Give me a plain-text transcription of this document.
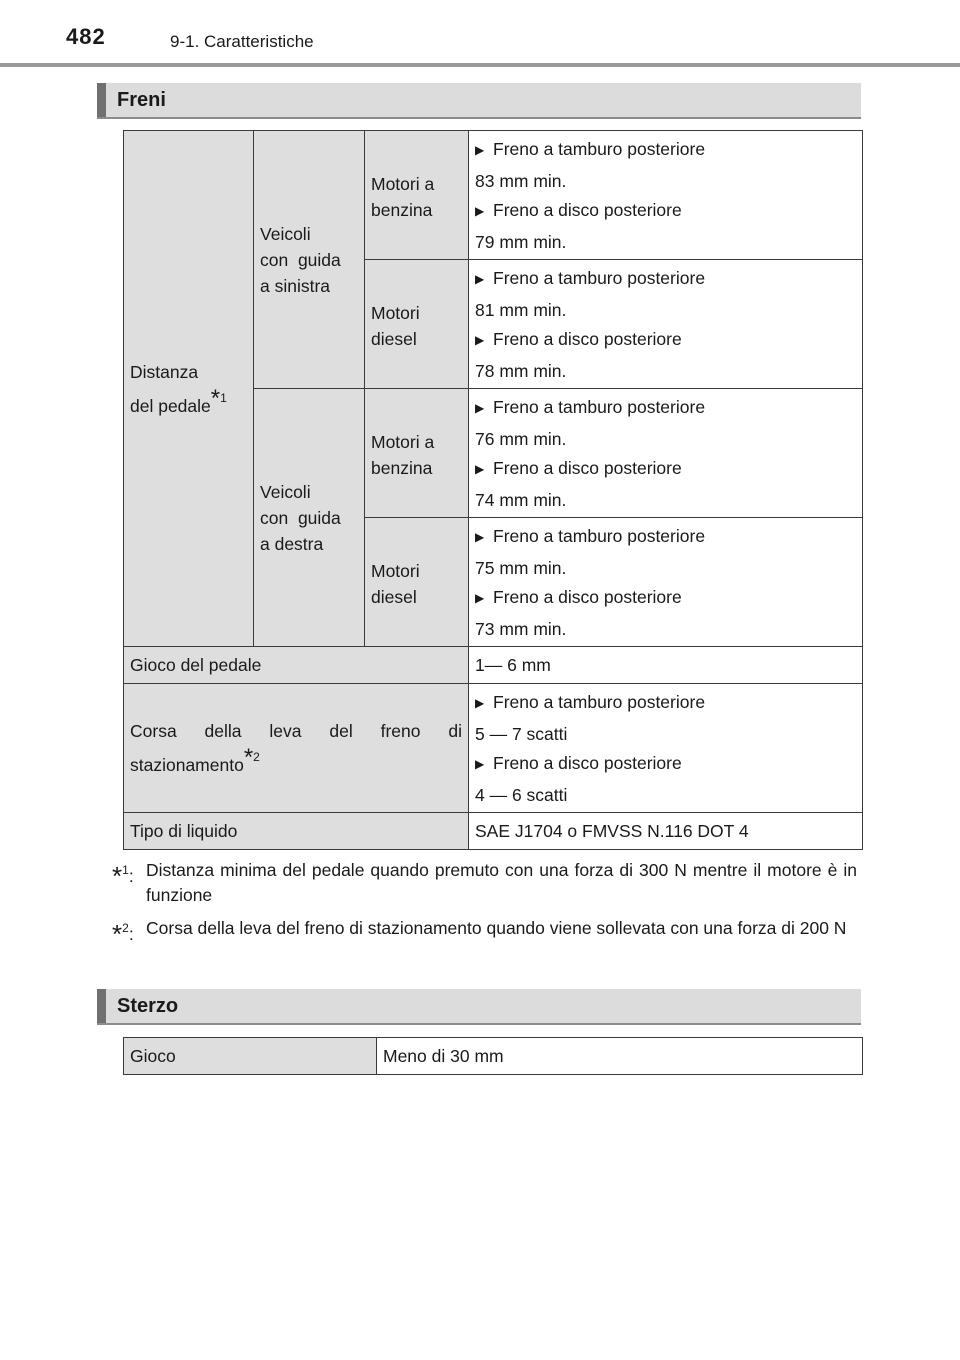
482	9-1. Caratteristiche
Freni
Distanza
del pedale*$^1$	Veicoli
con  guida
a sinistra	Motori a
benzina	▶ Freno a tamburo posteriore
83 mm min.
▶ Freno a disco posteriore
79 mm min.

		Motori
diesel	▶ Freno a tamburo posteriore
81 mm min.
▶ Freno a disco posteriore
78 mm min.

	Veicoli
con  guida
a destra	Motori a
benzina	▶ Freno a tamburo posteriore
76 mm min.
▶ Freno a disco posteriore
74 mm min.

		Motori
diesel	▶ Freno a tamburo posteriore
75 mm min.
▶ Freno a disco posteriore
73 mm min.

Gioco del pedale			1— 6 mm

Corsa della leva del freno di
stazionamento*$^2$			▶ Freno a tamburo posteriore
5 — 7 scatti
▶ Freno a disco posteriore
4 — 6 scatti

Tipo di liquido			SAE J1704 o FMVSS N.116 DOT 4
*$^1$: Distanza minima del pedale quando premuto con una forza di 300 N mentre il motore è in funzione
*$^2$: Corsa della leva del freno di stazionamento quando viene sollevata con una forza di 200 N
Sterzo
Gioco	Meno di 30 mm
